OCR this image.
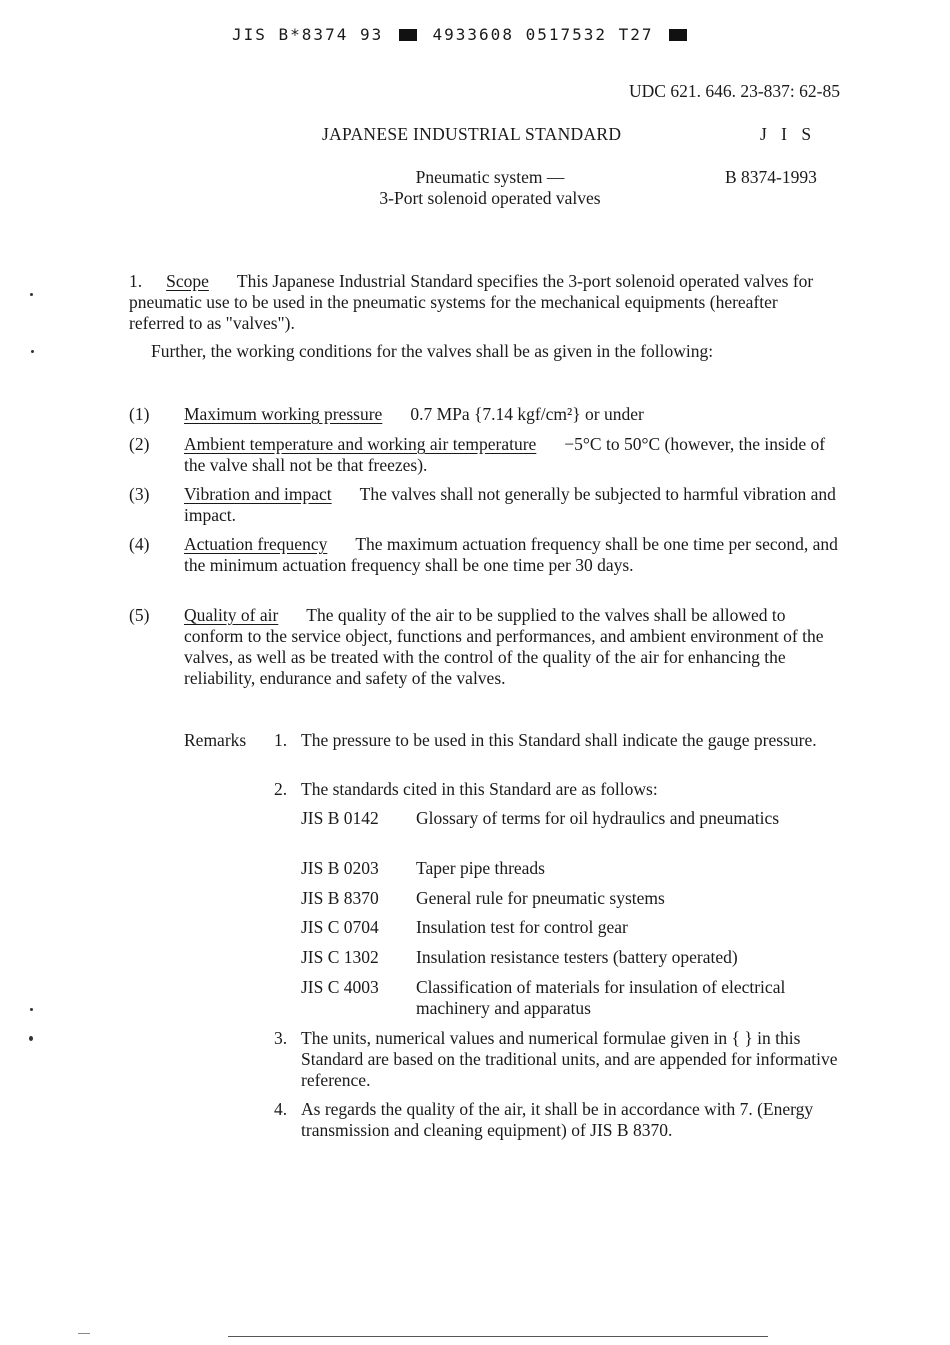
JIS B*8374 93	4933608 0517532 T27
UDC 621. 646. 23-837: 62-85
JAPANESE INDUSTRIAL STANDARD	J I S
Pneumatic system —
3-Port solenoid operated valves
B 8374-1993

1. Scope This Japanese Industrial Standard specifies the 3-port solenoid operated valves for pneumatic use to be used in the pneumatic systems for the mechanical equipments (hereafter referred to as "valves").

Further, the working conditions for the valves shall be as given in the following:

(1) Maximum working pressure 0.7 MPa {7.14 kgf/cm²} or under
(2) Ambient temperature and working air temperature −5°C to 50°C (however, the inside of the valve shall not be that freezes).
(3) Vibration and impact The valves shall not generally be subjected to harmful vibration and impact.
(4) Actuation frequency The maximum actuation frequency shall be one time per second, and the minimum actuation frequency shall be one time per 30 days.
(5) Quality of air The quality of the air to be supplied to the valves shall be allowed to conform to the service object, functions and performances, and ambient environment of the valves, as well as be treated with the control of the quality of the air for enhancing the reliability, endurance and safety of the valves.
Remarks 1. The pressure to be used in this Standard shall indicate the gauge pressure.
2. The standards cited in this Standard are as follows:
JIS B 0142 Glossary of terms for oil hydraulics and pneumatics
JIS B 0203 Taper pipe threads
JIS B 8370 General rule for pneumatic systems
JIS C 0704 Insulation test for control gear
JIS C 1302 Insulation resistance testers (battery operated)
JIS C 4003 Classification of materials for insulation of electrical machinery and apparatus
3. The units, numerical values and numerical formulae given in { } in this Standard are based on the traditional units, and are appended for informative reference.
4. As regards the quality of the air, it shall be in accordance with 7. (Energy transmission and cleaning equipment) of JIS B 8370.
